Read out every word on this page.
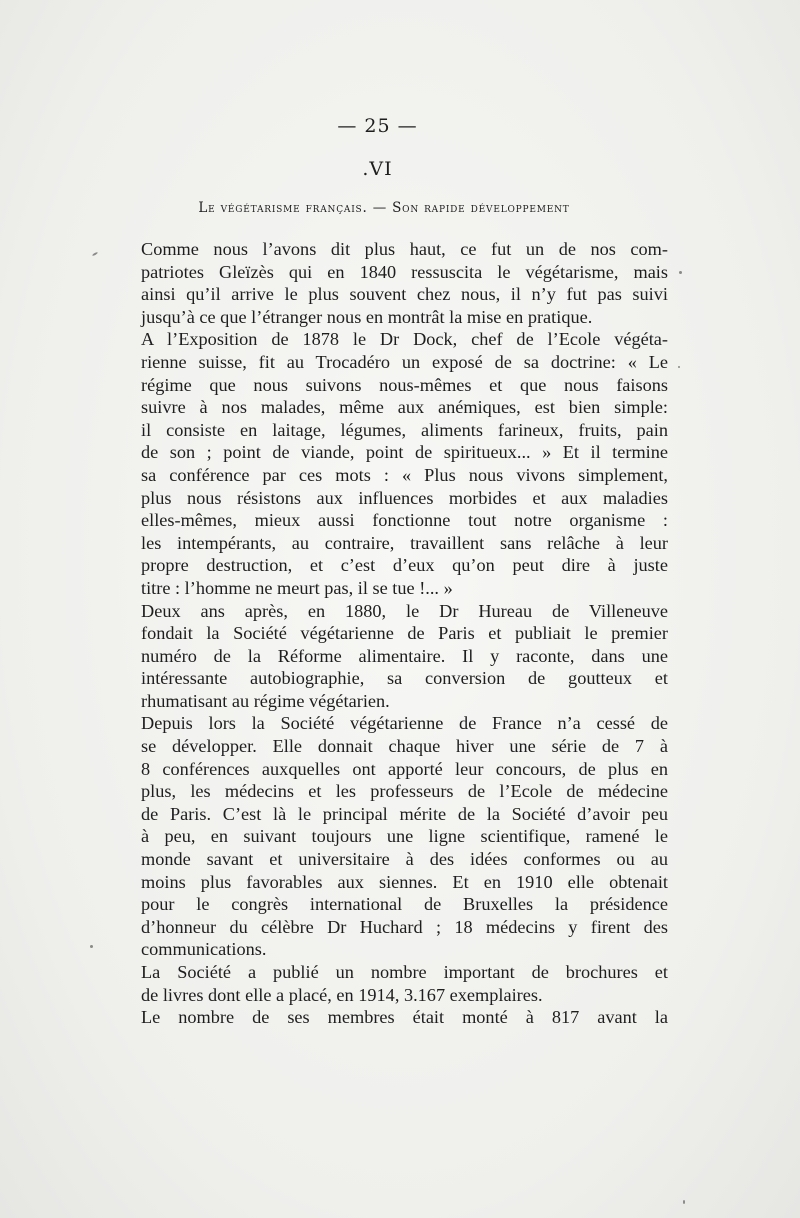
— 25 —
.VI
Le végétarisme français. — Son rapide développement

Comme nous l’avons dit plus haut, ce fut un de nos com-
patriotes Gleïzès qui en 1840 ressuscita le végétarisme, mais
ainsi qu’il arrive le plus souvent chez nous, il n’y fut pas suivi
jusqu’à ce que l’étranger nous en montrât la mise en pratique.

A l’Exposition de 1878 le Dr Dock, chef de l’Ecole végéta-
rienne suisse, fit au Trocadéro un exposé de sa doctrine: « Le
régime que nous suivons nous-mêmes et que nous faisons
suivre à nos malades, même aux anémiques, est bien simple:
il consiste en laitage, légumes, aliments farineux, fruits, pain
de son ; point de viande, point de spiritueux... » Et il termine
sa conférence par ces mots : « Plus nous vivons simplement,
plus nous résistons aux influences morbides et aux maladies
elles-mêmes, mieux aussi fonctionne tout notre organisme :
les intempérants, au contraire, travaillent sans relâche à leur
propre destruction, et c’est d’eux qu’on peut dire à juste
titre : l’homme ne meurt pas, il se tue !... »

Deux ans après, en 1880, le Dr Hureau de Villeneuve
fondait la Société végétarienne de Paris et publiait le premier
numéro de la Réforme alimentaire. Il y raconte, dans une
intéressante autobiographie, sa conversion de goutteux et
rhumatisant au régime végétarien.

Depuis lors la Société végétarienne de France n’a cessé de
se développer. Elle donnait chaque hiver une série de 7 à
8 conférences auxquelles ont apporté leur concours, de plus en
plus, les médecins et les professeurs de l’Ecole de médecine
de Paris. C’est là le principal mérite de la Société d’avoir peu
à peu, en suivant toujours une ligne scientifique, ramené le
monde savant et universitaire à des idées conformes ou au
moins plus favorables aux siennes. Et en 1910 elle obtenait
pour le congrès international de Bruxelles la présidence
d’honneur du célèbre Dr Huchard ; 18 médecins y firent des
communications.

La Société a publié un nombre important de brochures et
de livres dont elle a placé, en 1914, 3.167 exemplaires.

Le nombre de ses membres était monté à 817 avant la
